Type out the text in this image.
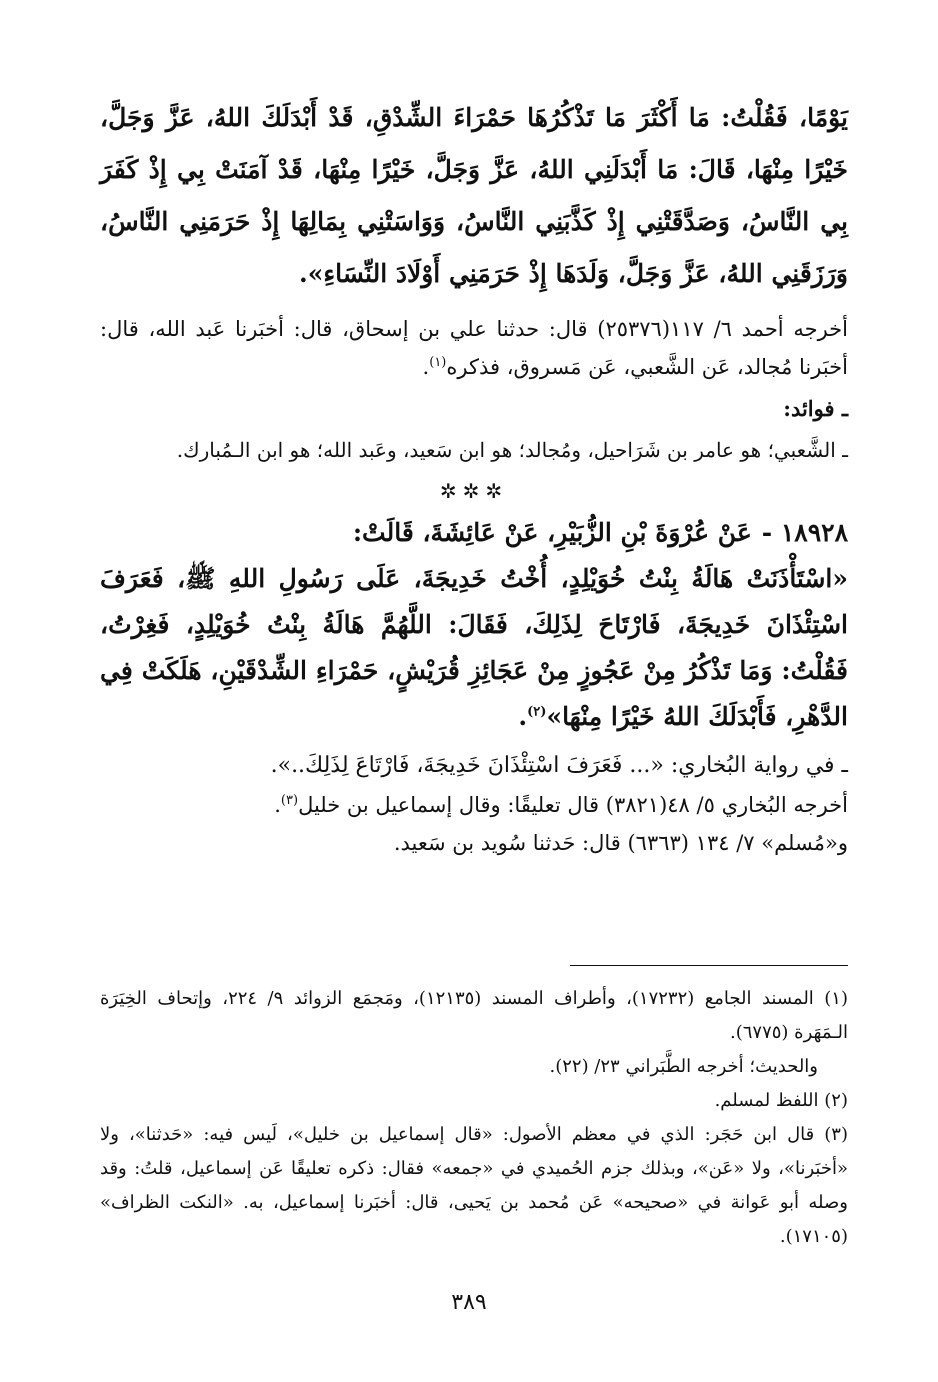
يَوْمًا، فَقُلْتُ: مَا أَكْثَرَ مَا تَذْكُرُهَا حَمْرَاءَ الشِّدْقِ، قَدْ أَبْدَلَكَ اللهُ، عَزَّ وَجَلَّ، خَيْرًا مِنْهَا، قَالَ: مَا أَبْدَلَنِي اللهُ، عَزَّ وَجَلَّ، خَيْرًا مِنْهَا، قَدْ آمَنَتْ بِي إِذْ كَفَرَ بِي النَّاسُ، وَصَدَّقَتْنِي إِذْ كَذَّبَنِي النَّاسُ، وَوَاسَتْنِي بِمَالِهَا إِذْ حَرَمَنِي النَّاسُ، وَرَزَقَنِي اللهُ، عَزَّ وَجَلَّ، وَلَدَهَا إِذْ حَرَمَنِي أَوْلَادَ النِّسَاءِ».

أخرجه أحمد ٦/ ١١٧(٢٥٣٧٦) قال: حدثنا علي بن إسحاق، قال: أخبَرنا عَبد الله، قال: أخبَرنا مُجالد، عَن الشَّعبي، عَن مَسروق، فذكره$^{(١)}$.

ـ فوائد:

ـ الشَّعبي؛ هو عامر بن شَرَاحيل، ومُجالد؛ هو ابن سَعيد، وعَبد الله؛ هو ابن الـمُبارك.

✲✲✲

١٨٩٢٨ -عَنْ عُرْوَةَ بْنِ الزُّبَيْرِ، عَنْ عَائِشَةَ، قَالَتْ:

«اسْتَأْذَنَتْ هَالَةُ بِنْتُ خُوَيْلِدٍ، أُخْتُ خَدِيجَةَ، عَلَى رَسُولِ اللهِ ﷺ، فَعَرَفَ اسْتِئْذَانَ خَدِيجَةَ، فَارْتَاحَ لِذَلِكَ، فَقَالَ: اللَّهُمَّ هَالَةُ بِنْتُ خُوَيْلِدٍ، فَغِرْتُ، فَقُلْتُ: وَمَا تَذْكُرُ مِنْ عَجُوزٍ مِنْ عَجَائِزِ قُرَيْشٍ، حَمْرَاءِ الشِّدْقَيْنِ، هَلَكَتْ فِي الدَّهْرِ، فَأَبْدَلَكَ اللهُ خَيْرًا مِنْهَا»$^{(٢)}$.

ـ في رواية البُخاري: «... فَعَرَفَ اسْتِئْذَانَ خَدِيجَةَ، فَارْتَاعَ لِذَلِكَ..».

أخرجه البُخاري ٥/ ٤٨(٣٨٢١) قال تعليقًا: وقال إسماعيل بن خليل$^{(٣)}$.

و«مُسلم» ٧/ ١٣٤ (٦٣٦٣) قال: حَدثنا سُويد بن سَعيد.

(١) المسند الجامع (١٧٢٣٢)، وأطراف المسند (١٢١٣٥)، ومَجمَع الزوائد ٩/ ٢٢٤، وإتحاف الخِيَرَة الـمَهَرة (٦٧٧٥).

والحديث؛ أخرجه الطَّبَراني ٢٣/ (٢٢).

(٢) اللفظ لمسلم.

(٣) قال ابن حَجَر: الذي في معظم الأصول: «قال إسماعيل بن خليل»، لَيس فيه: «حَدثنا»، ولا «أخبَرنا»، ولا «عَن»، وبذلك جزم الحُميدي في «جمعه» فقال: ذكره تعليقًا عَن إسماعيل، قلتُ: وقد وصله أبو عَوانة في «صحيحه» عَن مُحمد بن يَحيى، قال: أخبَرنا إسماعيل، به. «النكت الظراف» (١٧١٠٥).

٣٨٩
